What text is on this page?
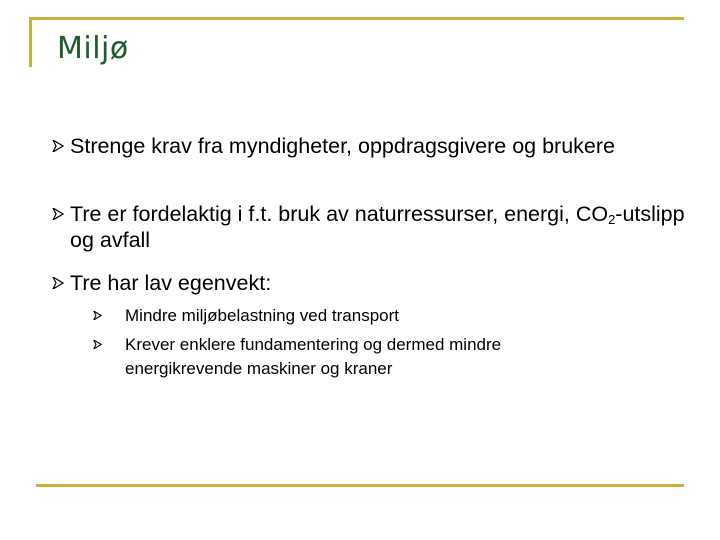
Miljø
Strenge krav fra myndigheter, oppdragsgivere og brukere
Tre er fordelaktig i f.t. bruk av naturressurser, energi, $CO_2$-utslipp og avfall
Tre har lav egenvekt:
Mindre miljøbelastning ved transport
Krever enklere fundamentering og dermed mindre energikrevende maskiner og kraner
